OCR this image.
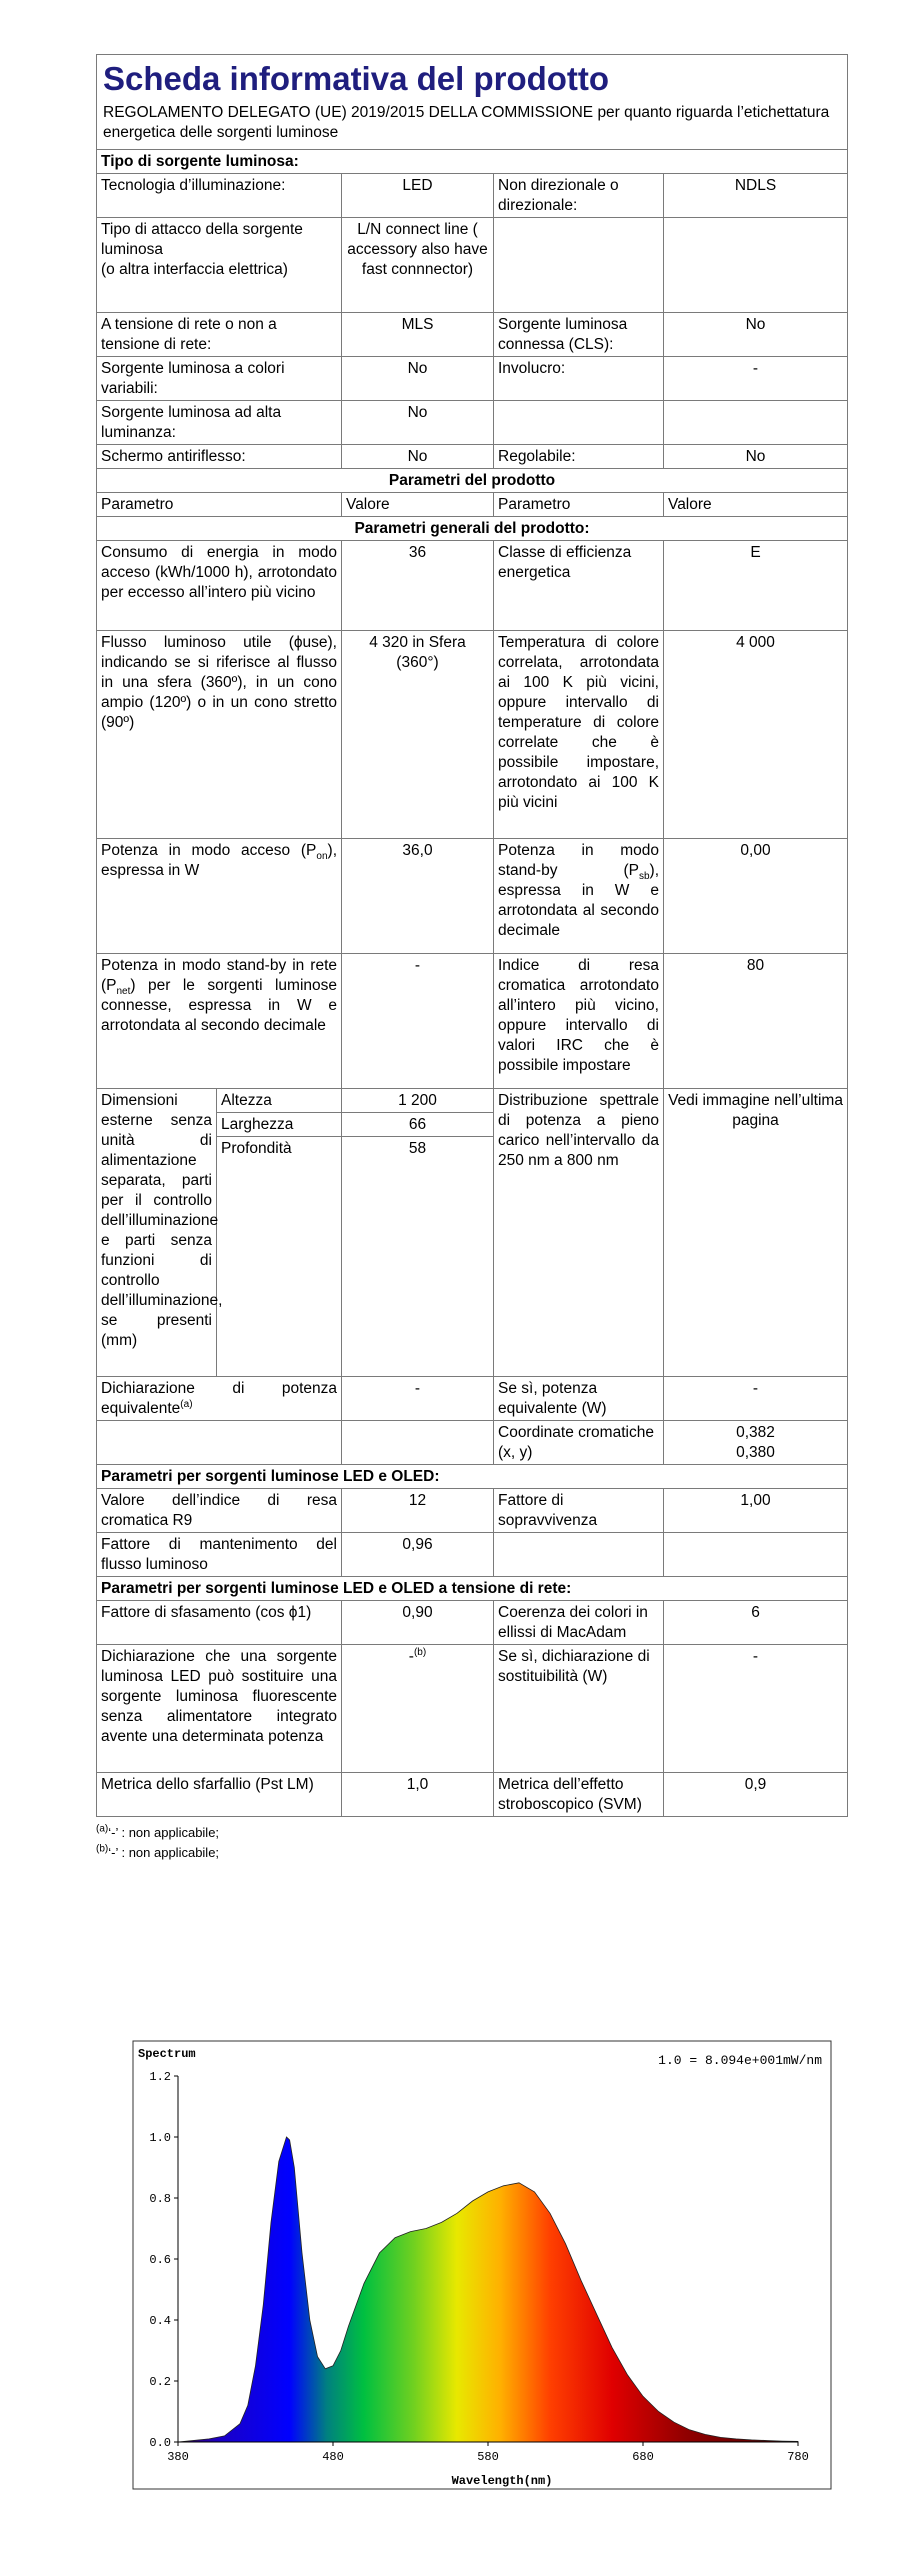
Scheda informativa del prodotto
REGOLAMENTO DELEGATO (UE) 2019/2015 DELLA COMMISSIONE per quanto riguarda l’etichettatura energetica delle sorgenti luminose				

Tipo di sorgente luminosa:				
Tecnologia d’illuminazione:		LED	Non direzionale o direzionale:	NDLS

Tipo di attacco della sorgente luminosa
(o altra interfaccia elettrica)		L/N connect line ( accessory also have fast connnector)		
A tensione di rete o non a tensione di rete:		MLS	Sorgente luminosa connessa (CLS):	No
Sorgente luminosa a colori variabili:		No	Involucro:	-
Sorgente luminosa ad alta luminanza:		No		
Schermo antiriflesso:		No	Regolabile:	No
Parametri del prodotto				
Parametro		Valore	Parametro	Valore
Parametri generali del prodotto:				
Consumo di energia in modo acceso (kWh/1000 h), arrotondato per eccesso all’intero più vicino		36	Classe di efficienza energetica	E
Flusso luminoso utile (ϕuse), indicando se si riferisce al flusso in una sfera (360º), in un cono ampio (120º) o in un cono stretto (90º)		4 320 in Sfera (360°)	Temperatura di colore correlata, arrotondata ai 100 K più vicini, oppure intervallo di temperature di colore correlate che è possibile impostare, arrotondato ai 100 K più vicini	4 000
Potenza in modo acceso $(P_{on})$, espressa in W		36,0	Potenza in modo stand-by $(P_{sb})$, espressa in W e arrotondata al secondo decimale	0,00
Potenza in modo stand-by in rete $(P_{net})$ per le sorgenti luminose connesse, espressa in W e arrotondata al secondo decimale		-	Indice di resa cromatica arrotondato all’intero più vicino, oppure intervallo di valori IRC che è possibile impostare	80
Dimensioni esterne senza unità di alimentazione separata, parti per il controllo dell’illuminazione e parti senza funzioni di controllo dell’illuminazione, se presenti (mm)	Altezza	1 200	Distribuzione spettrale di potenza a pieno carico nell’intervallo da 250 nm a 800 nm	Vedi immagine nell’ultima pagina
	Larghezza	66		
	Profondità	58		
Dichiarazione di potenza equivalente$^{(a)}$		-	Se sì, potenza equivalente (W)	-
			Coordinate cromatiche (x, y)	0,382
0,380

Parametri per sorgenti luminose LED e OLED:				
Valore dell’indice di resa cromatica R9		12	Fattore di sopravvivenza	1,00
Fattore di mantenimento del flusso luminoso		0,96		
Parametri per sorgenti luminose LED e OLED a tensione di rete:				
Fattore di sfasamento (cos ϕ1)		0,90	Coerenza dei colori in ellissi di MacAdam	6
Dichiarazione che una sorgente luminosa LED può sostituire una sorgente luminosa fluorescente senza alimentatore integrato avente una determinata potenza		-$^{(b)}$	Se sì, dichiarazione di sostituibilità (W)	-
Metrica dello sfarfallio (Pst LM)		1,0	Metrica dell’effetto stroboscopico (SVM)	0,9
$^{(a)}$‘-’ : non applicabile;
$^{(b)}$‘-’ : non applicabile;
Spectrum	1.0 = 8.094e+001mW/nm
Wavelength(nm)
0.0
0.2
0.4
0.6
0.8
1.0
1.2
380	480	580	680	780
